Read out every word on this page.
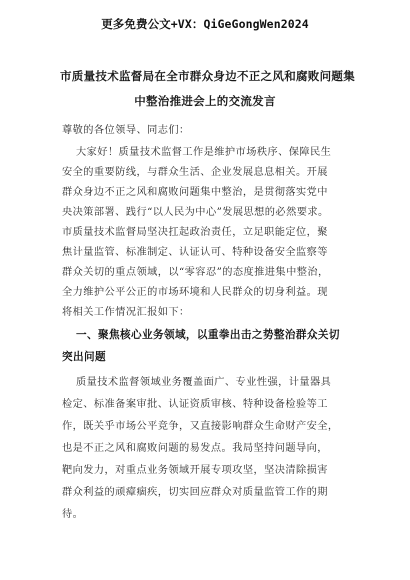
更多免费公文+VX：QiGeGongWen2024
市质量技术监督局在全市群众身边不正之风和腐败问题集
中整治推进会上的交流发言
尊敬的各位领导、同志们：
大家好！质量技术监督工作是维护市场秩序、保障民生
安全的重要防线，与群众生活、企业发展息息相关。开展
群众身边不正之风和腐败问题集中整治，是贯彻落实党中
央决策部署、践行“以人民为中心”发展思想的必然要求。
市质量技术监督局坚决扛起政治责任，立足职能定位，聚
焦计量监管、标准制定、认证认可、特种设备安全监察等
群众关切的重点领域，以“零容忍”的态度推进集中整治，
全力维护公平公正的市场环境和人民群众的切身利益。现
将相关工作情况汇报如下：
一、聚焦核心业务领域，以重拳出击之势整治群众关切
突出问题
质量技术监督领域业务覆盖面广、专业性强，计量器具
检定、标准备案审批、认证资质审核、特种设备检验等工
作，既关乎市场公平竞争，又直接影响群众生命财产安全，
也是不正之风和腐败问题的易发点。我局坚持问题导向，
靶向发力，对重点业务领域开展专项攻坚，坚决清除损害
群众利益的顽瘴痼疾，切实回应群众对质量监管工作的期
待。
